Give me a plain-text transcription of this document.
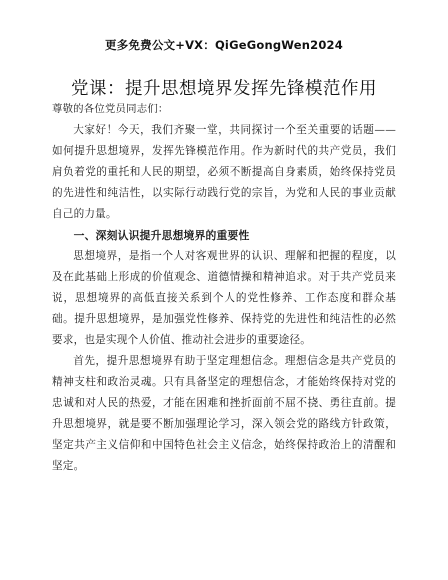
更多免费公文+VX：QiGeGongWen2024
党课：提升思想境界发挥先锋模范作用

尊敬的各位党员同志们：

大家好！今天，我们齐聚一堂，共同探讨一个至关重要的话题——如何提升思想境界，发挥先锋模范作用。作为新时代的共产党员，我们肩负着党的重托和人民的期望，必须不断提高自身素质，始终保持党员的先进性和纯洁性，以实际行动践行党的宗旨，为党和人民的事业贡献自己的力量。

一、深刻认识提升思想境界的重要性

思想境界，是指一个人对客观世界的认识、理解和把握的程度，以及在此基础上形成的价值观念、道德情操和精神追求。对于共产党员来说，思想境界的高低直接关系到个人的党性修养、工作态度和群众基础。提升思想境界，是加强党性修养、保持党的先进性和纯洁性的必然要求，也是实现个人价值、推动社会进步的重要途径。

首先，提升思想境界有助于坚定理想信念。理想信念是共产党员的精神支柱和政治灵魂。只有具备坚定的理想信念，才能始终保持对党的忠诚和对人民的热爱，才能在困难和挫折面前不屈不挠、勇往直前。提升思想境界，就是要不断加强理论学习，深入领会党的路线方针政策，坚定共产主义信仰和中国特色社会主义信念，始终保持政治上的清醒和坚定。
